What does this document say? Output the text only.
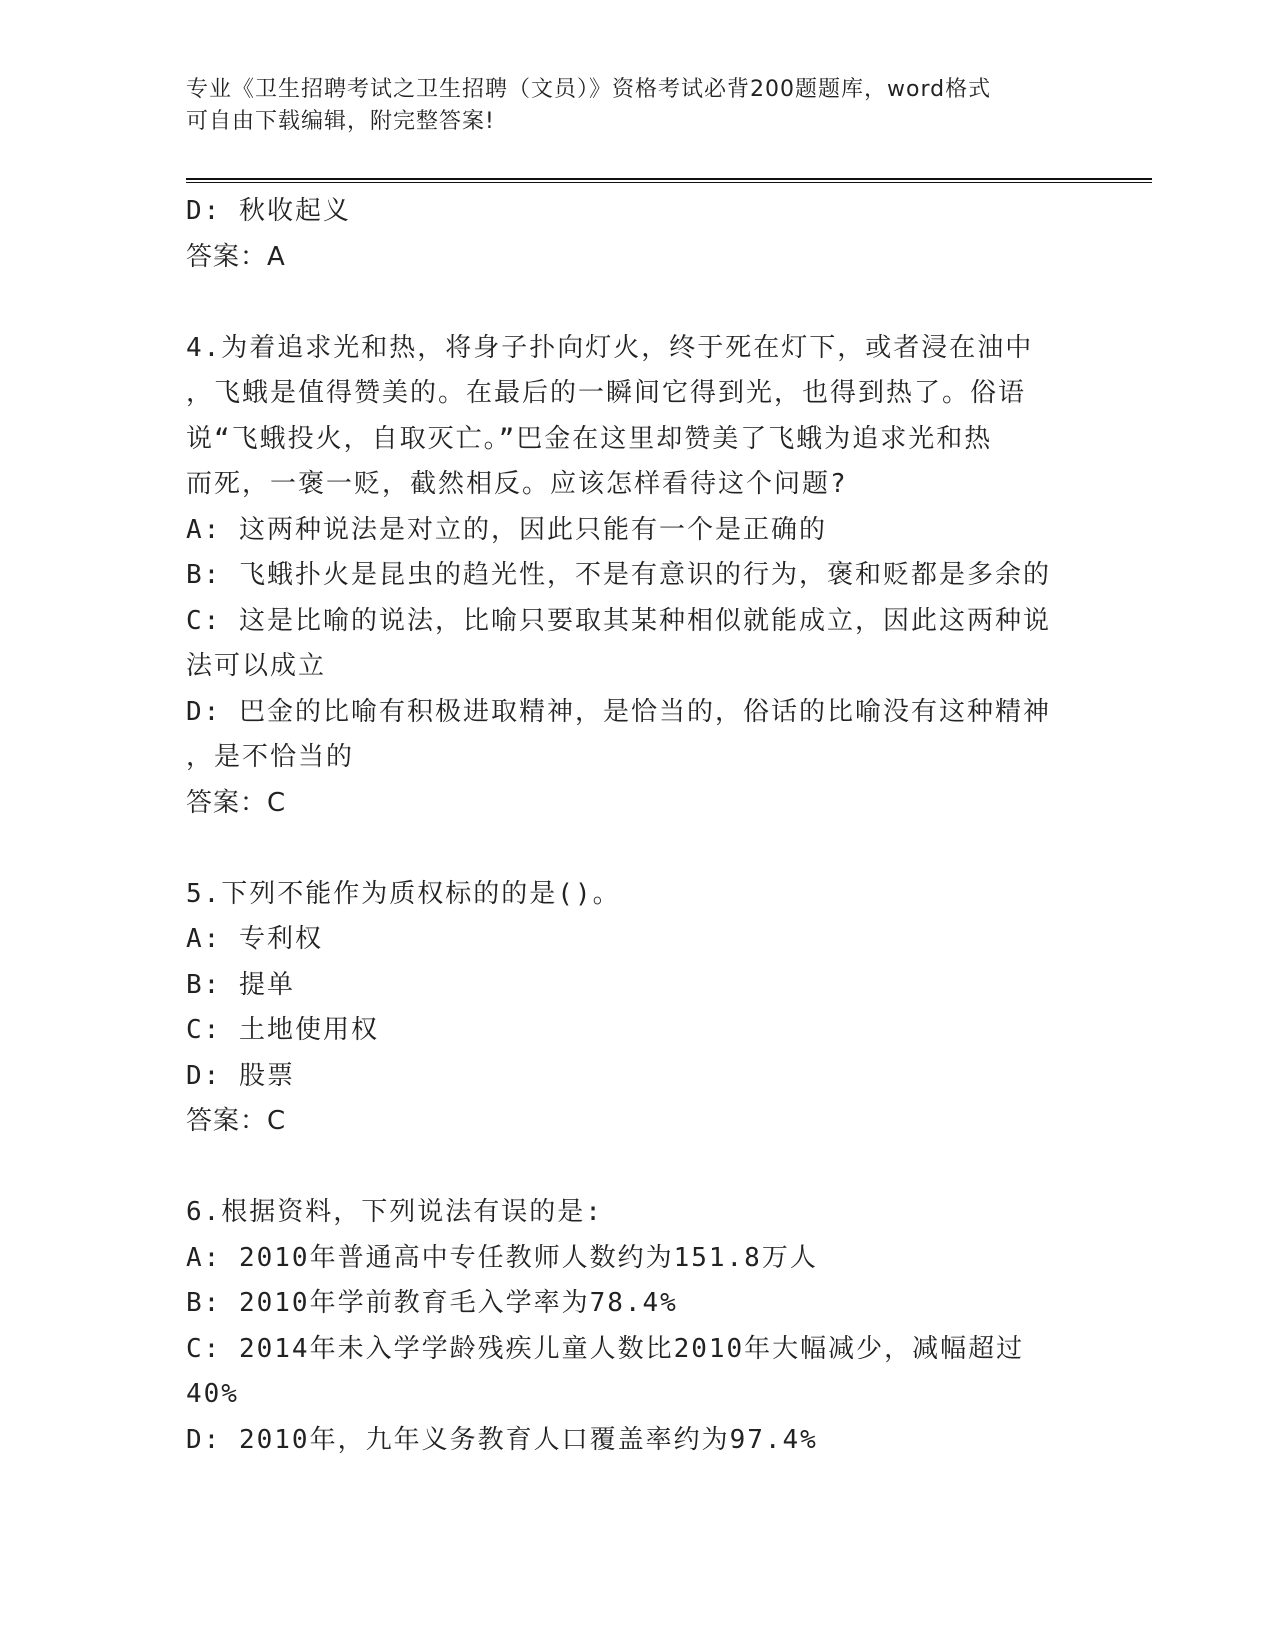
专业《卫生招聘考试之卫生招聘（文员）》资格考试必背200题题库，word格式
可自由下载编辑，附完整答案!
D: 秋收起义
答案：A
4.为着追求光和热，将身子扑向灯火，终于死在灯下，或者浸在油中
，飞蛾是值得赞美的。在最后的一瞬间它得到光，也得到热了。俗语
说“飞蛾投火，自取灭亡。”巴金在这里却赞美了飞蛾为追求光和热
而死，一褒一贬，截然相反。应该怎样看待这个问题?
A: 这两种说法是对立的，因此只能有一个是正确的
B: 飞蛾扑火是昆虫的趋光性，不是有意识的行为，褒和贬都是多余的
C: 这是比喻的说法，比喻只要取其某种相似就能成立，因此这两种说
法可以成立
D: 巴金的比喻有积极进取精神，是恰当的，俗话的比喻没有这种精神
，是不恰当的
答案：C
5.下列不能作为质权标的的是()。
A: 专利权
B: 提单
C: 土地使用权
D: 股票
答案：C
6.根据资料，下列说法有误的是:
A: 2010年普通高中专任教师人数约为151.8万人
B: 2010年学前教育毛入学率为78.4%
C: 2014年未入学学龄残疾儿童人数比2010年大幅减少，减幅超过
40%
D: 2010年，九年义务教育人口覆盖率约为97.4%
